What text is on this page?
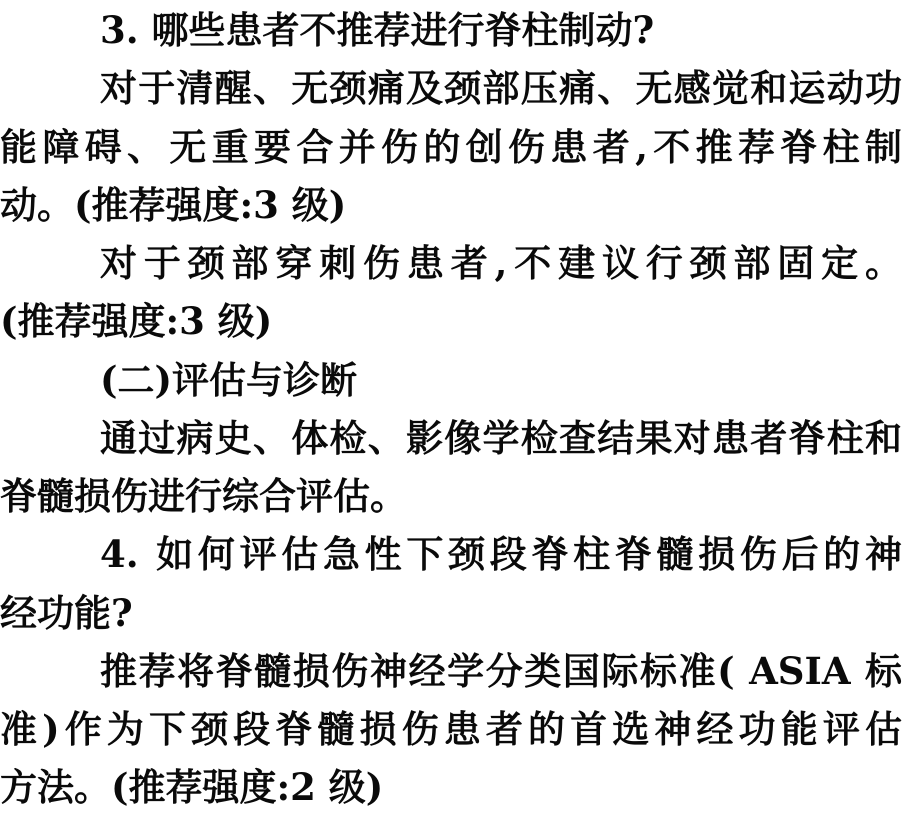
3. 哪些患者不推荐进行脊柱制动?

对于清醒、无颈痛及颈部压痛、无感觉和运动功

能障碍、无重要合并伤的创伤患者,不推荐脊柱制

动。(推荐强度:3 级)

对于颈部穿刺伤患者,不建议行颈部固定。

(推荐强度:3 级)

(二)评估与诊断

通过病史、体检、影像学检查结果对患者脊柱和

脊髓损伤进行综合评估。

4. 如何评估急性下颈段脊柱脊髓损伤后的神

经功能?

推荐将脊髓损伤神经学分类国际标准( ASIA 标

准)作为下颈段脊髓损伤患者的首选神经功能评估

方法。(推荐强度:2 级)
